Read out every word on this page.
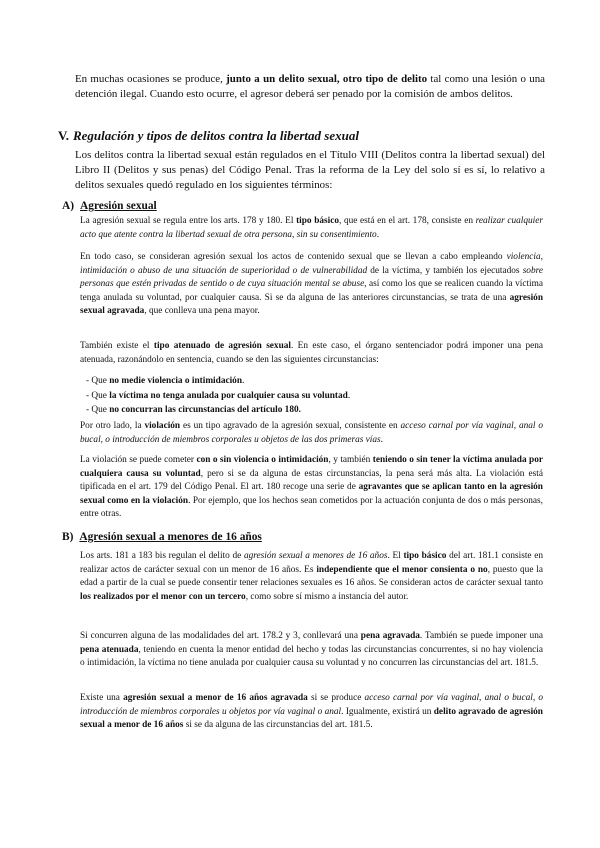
En muchas ocasiones se produce, junto a un delito sexual, otro tipo de delito tal como una lesión o una detención ilegal. Cuando esto ocurre, el agresor deberá ser penado por la comisión de ambos delitos.

V. Regulación y tipos de delitos contra la libertad sexual

Los delitos contra la libertad sexual están regulados en el Título VIII (Delitos contra la libertad sexual) del Libro II (Delitos y sus penas) del Código Penal. Tras la reforma de la Ley del solo sí es sí, lo relativo a delitos sexuales quedó regulado en los siguientes términos:

A) Agresión sexual

La agresión sexual se regula entre los arts. 178 y 180. El tipo básico, que está en el art. 178, consiste en realizar cualquier acto que atente contra la libertad sexual de otra persona, sin su consentimiento.

En todo caso, se consideran agresión sexual los actos de contenido sexual que se llevan a cabo empleando violencia, intimidación o abuso de una situación de superioridad o de vulnerabilidad de la víctima, y también los ejecutados sobre personas que estén privadas de sentido o de cuya situación mental se abuse, así como los que se realicen cuando la víctima tenga anulada su voluntad, por cualquier causa. Si se da alguna de las anteriores circunstancias, se trata de una agresión sexual agravada, que conlleva una pena mayor.

También existe el tipo atenuado de agresión sexual. En este caso, el órgano sentenciador podrá imponer una pena atenuada, razonándolo en sentencia, cuando se den las siguientes circunstancias:

- Que no medie violencia o intimidación.
- Que la víctima no tenga anulada por cualquier causa su voluntad.
- Que no concurran las circunstancias del artículo 180.

Por otro lado, la violación es un tipo agravado de la agresión sexual, consistente en acceso carnal por vía vaginal, anal o bucal, o introducción de miembros corporales u objetos de las dos primeras vías.

La violación se puede cometer con o sin violencia o intimidación, y también teniendo o sin tener la víctima anulada por cualquiera causa su voluntad, pero si se da alguna de estas circunstancias, la pena será más alta. La violación está tipificada en el art. 179 del Código Penal. El art. 180 recoge una serie de agravantes que se aplican tanto en la agresión sexual como en la violación. Por ejemplo, que los hechos sean cometidos por la actuación conjunta de dos o más personas, entre otras.

B) Agresión sexual a menores de 16 años

Los arts. 181 a 183 bis regulan el delito de agresión sexual a menores de 16 años. El tipo básico del art. 181.1 consiste en realizar actos de carácter sexual con un menor de 16 años. Es independiente que el menor consienta o no, puesto que la edad a partir de la cual se puede consentir tener relaciones sexuales es 16 años. Se consideran actos de carácter sexual tanto los realizados por el menor con un tercero, como sobre sí mismo a instancia del autor.

Si concurren alguna de las modalidades del art. 178.2 y 3, conllevará una pena agravada. También se puede imponer una pena atenuada, teniendo en cuenta la menor entidad del hecho y todas las circunstancias concurrentes, si no hay violencia o intimidación, la víctima no tiene anulada por cualquier causa su voluntad y no concurren las circunstancias del art. 181.5.

Existe una agresión sexual a menor de 16 años agravada si se produce acceso carnal por vía vaginal, anal o bucal, o introducción de miembros corporales u objetos por vía vaginal o anal. Igualmente, existirá un delito agravado de agresión sexual a menor de 16 años si se da alguna de las circunstancias del art. 181.5.
